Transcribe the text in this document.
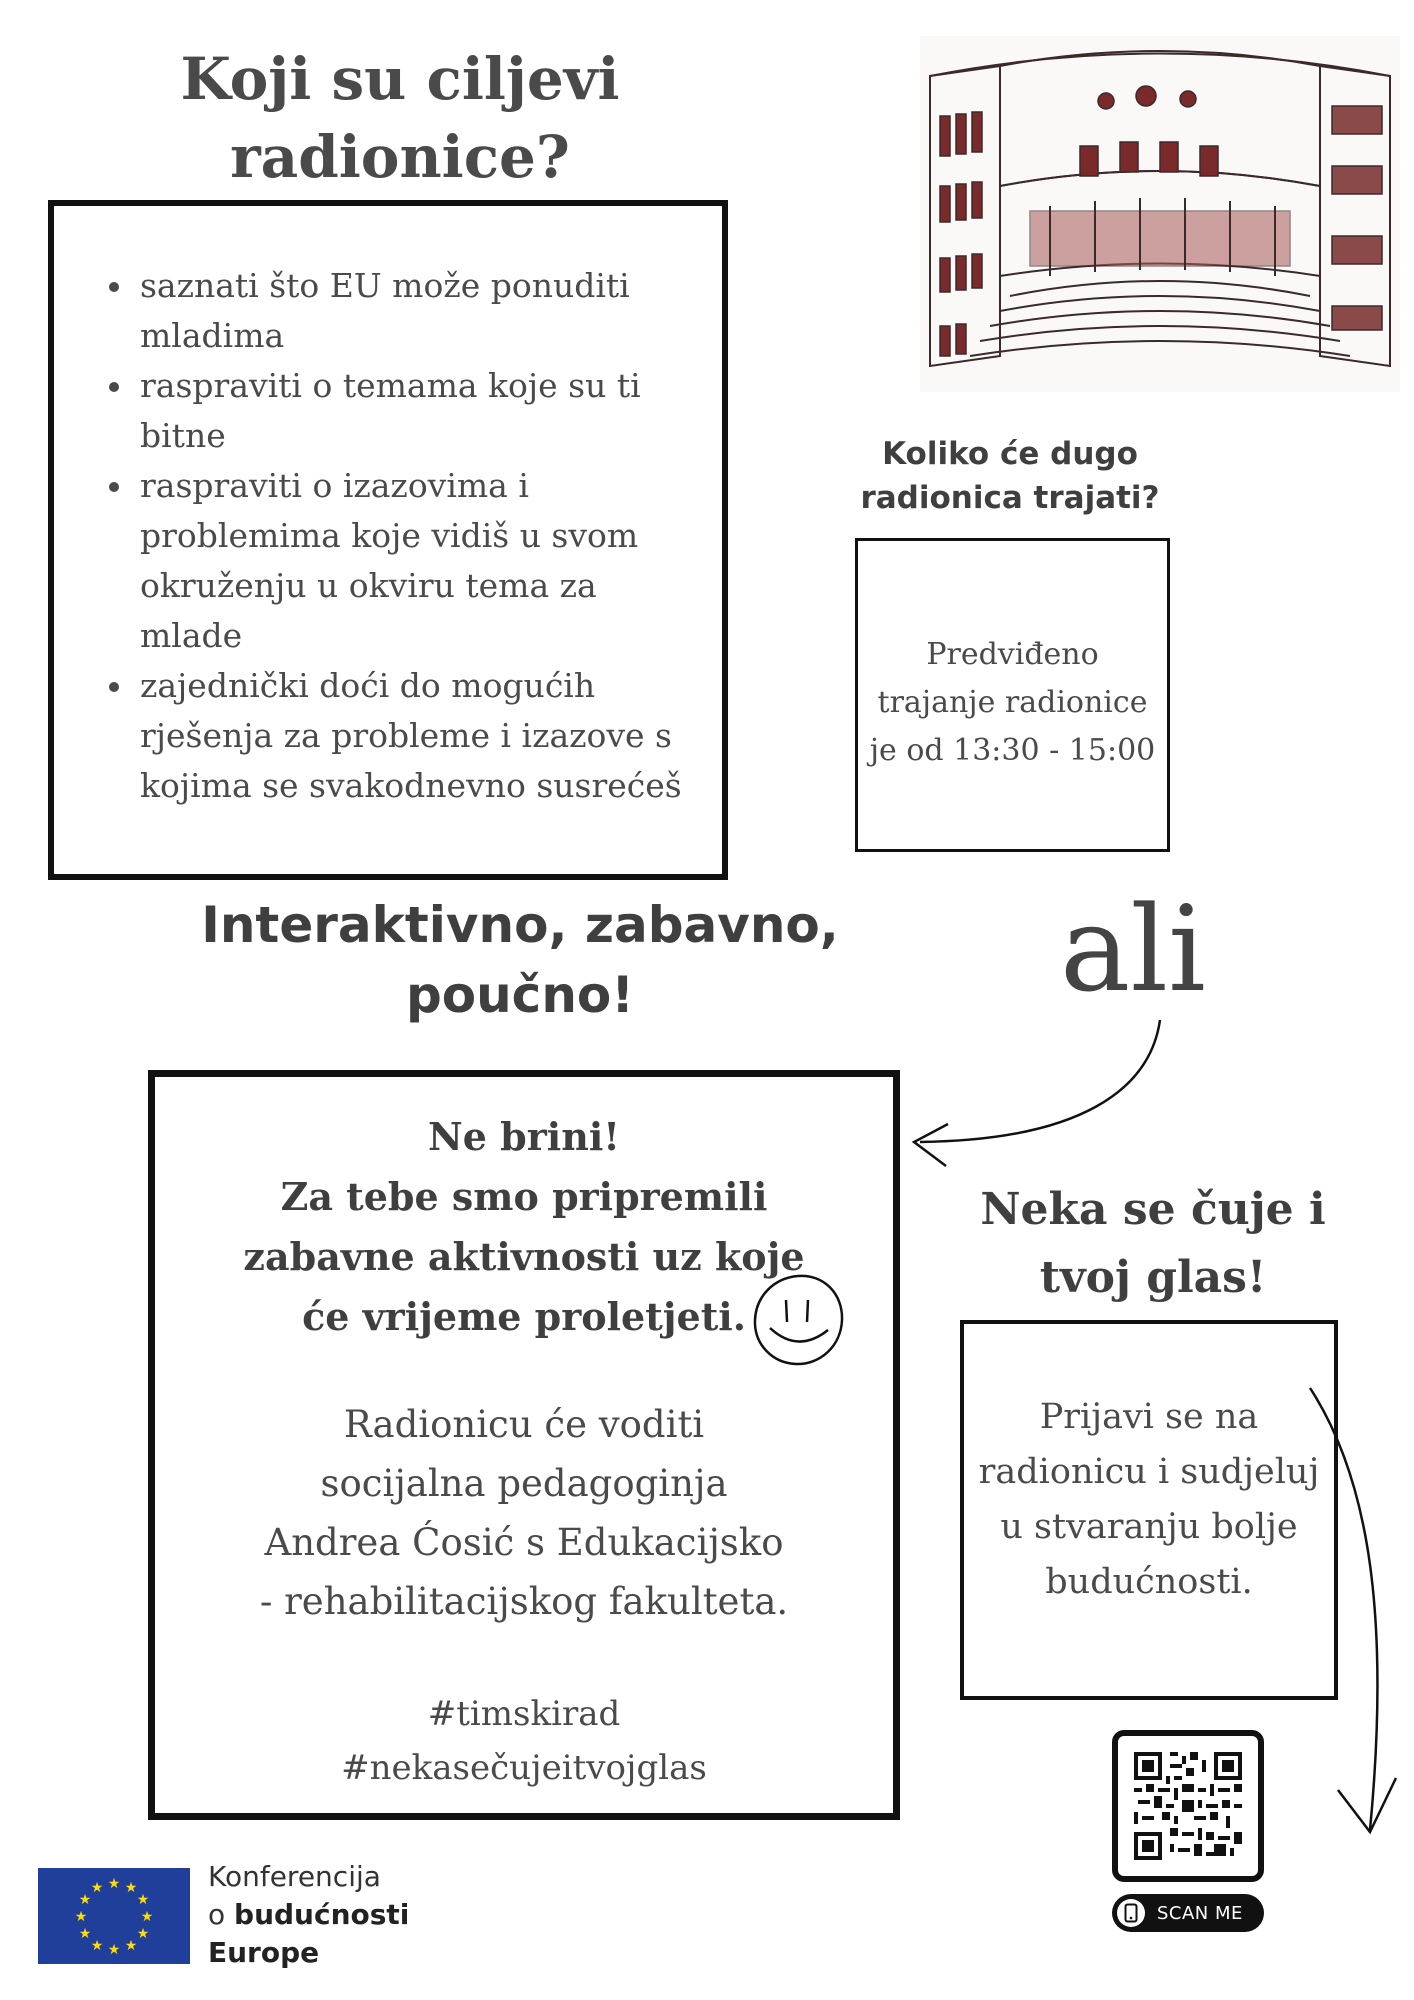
Koji su ciljevi
radionice?
• saznati što EU može ponuditi mladima
• raspraviti o temama koje su ti bitne
• raspraviti o izazovima i problemima koje vidiš u svom okruženju u okviru tema za mlade
• zajednički doći do mogućih rješenja za probleme i izazove s kojima se svakodnevno susrećeš
Koliko će dugo
radionica trajati?
Predviđeno
trajanje radionice
je od 13:30 - 15:00
Interaktivno, zabavno,
poučno!	ali
Ne brini!
Za tebe smo pripremili
zabavne aktivnosti uz koje
će vrijeme proletjeti.
Radionicu će voditi
socijalna pedagoginja
Andrea Ćosić s Edukacijsko
- rehabilitacijskog fakulteta.
#timskirad
#nekasečujeitvojglas
Neka se čuje i
tvoj glas!
Prijavi se na
radionicu i sudjeluj
u stvaranju bolje
budućnosti.
SCAN ME
★ ★
★
★
★
★
★
★
★
★
★
★	Konferencija
o budućnosti
Europe
